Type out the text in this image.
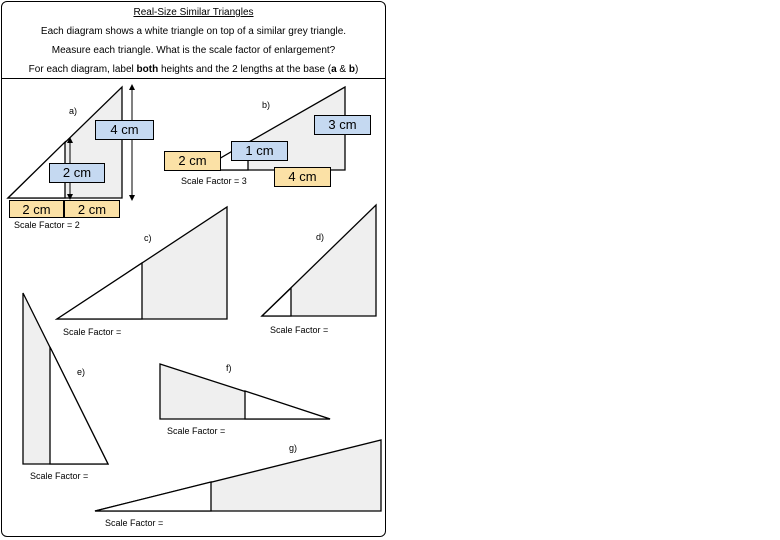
Real-Size Similar Triangles
Each diagram shows a white triangle on top of a similar grey triangle.
Measure each triangle. What is the scale factor of enlargement?
For each diagram, label both heights and the 2 lengths at the base (a & b)
a)
b)
c)	d)
e)	f)
g)
4 cm
2 cm
2 cm	2 cm
3 cm
1 cm
2 cm
4 cm
Scale Factor = 2
Scale Factor = 3
Scale Factor =	Scale Factor =
Scale Factor =
Scale Factor =
Scale Factor =
